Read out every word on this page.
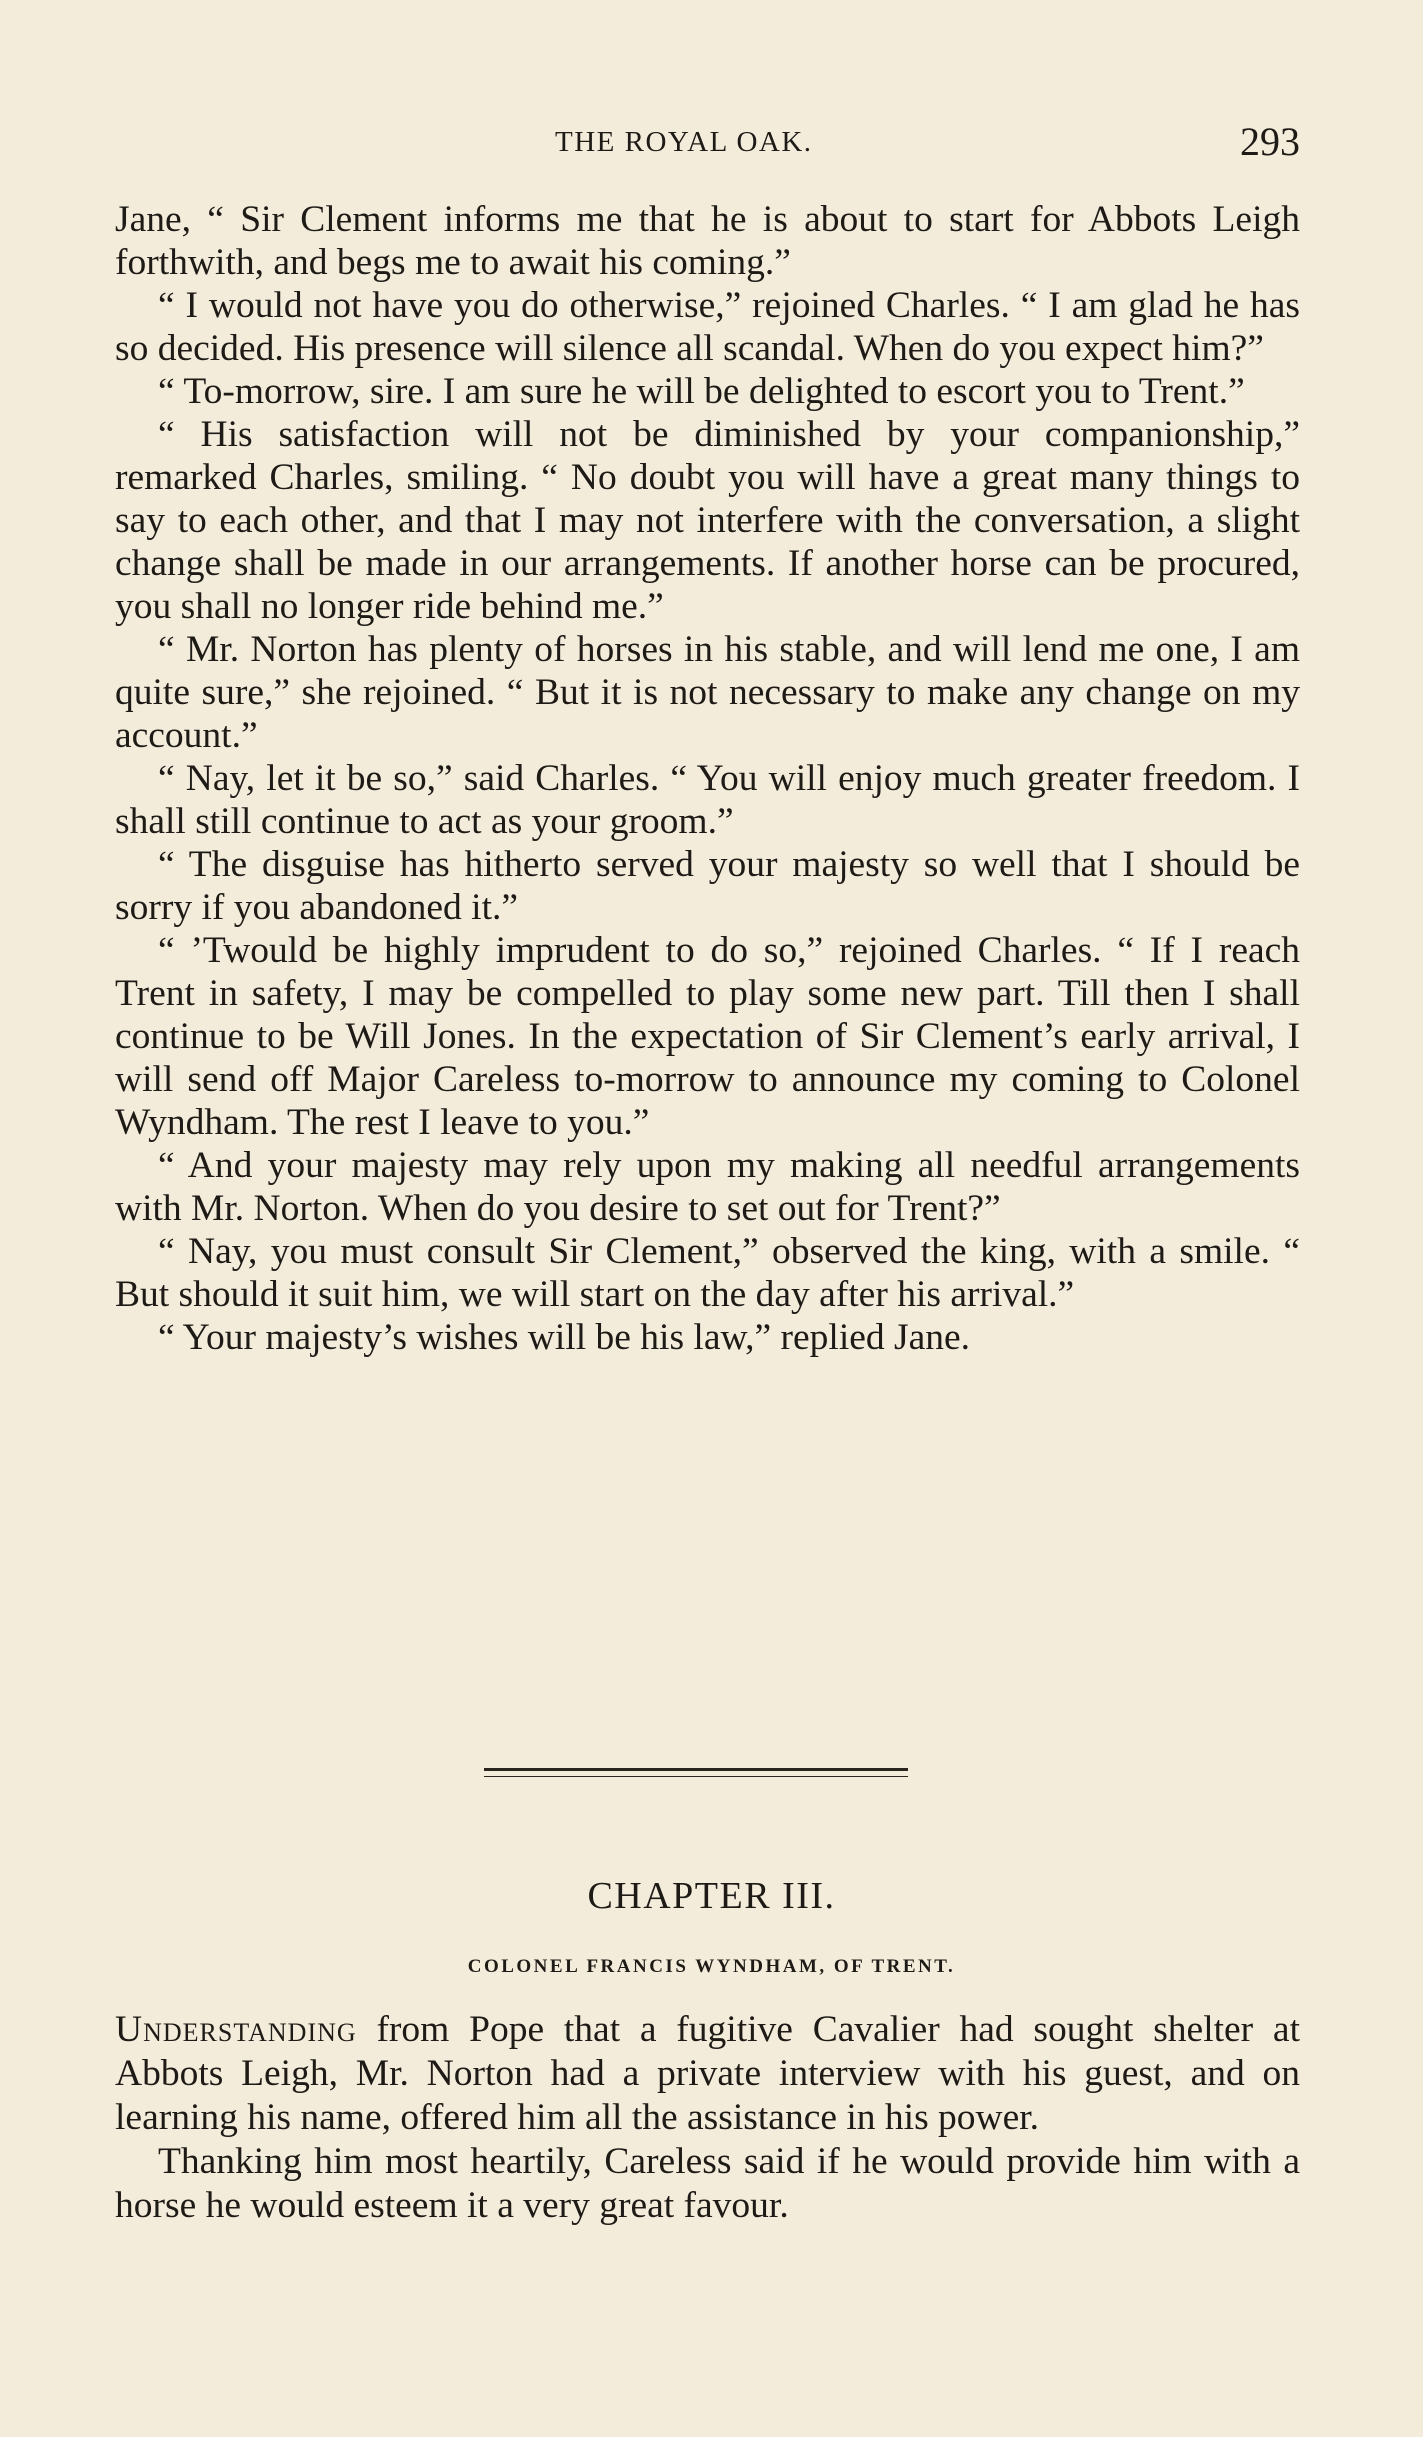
THE ROYAL OAK.	293

Jane, “ Sir Clement informs me that he is about to start for Abbots Leigh forthwith, and begs me to await his coming.”

“ I would not have you do otherwise,” rejoined Charles. “ I am glad he has so decided. His presence will silence all scandal. When do you expect him?”

“ To-morrow, sire. I am sure he will be delighted to escort you to Trent.”

“ His satisfaction will not be diminished by your companionship,” remarked Charles, smiling. “ No doubt you will have a great many things to say to each other, and that I may not interfere with the conversation, a slight change shall be made in our arrangements. If another horse can be procured, you shall no longer ride behind me.”

“ Mr. Norton has plenty of horses in his stable, and will lend me one, I am quite sure,” she rejoined. “ But it is not necessary to make any change on my account.”

“ Nay, let it be so,” said Charles. “ You will enjoy much greater freedom. I shall still continue to act as your groom.”

“ The disguise has hitherto served your majesty so well that I should be sorry if you abandoned it.”

“ ’Twould be highly imprudent to do so,” rejoined Charles. “ If I reach Trent in safety, I may be compelled to play some new part. Till then I shall continue to be Will Jones. In the expectation of Sir Clement’s early arrival, I will send off Major Careless to-morrow to announce my coming to Colonel Wyndham. The rest I leave to you.”

“ And your majesty may rely upon my making all needful arrangements with Mr. Norton. When do you desire to set out for Trent?”

“ Nay, you must consult Sir Clement,” observed the king, with a smile. “ But should it suit him, we will start on the day after his arrival.”

“ Your majesty’s wishes will be his law,” replied Jane.

CHAPTER III.
COLONEL FRANCIS WYNDHAM, OF TRENT.

Understanding from Pope that a fugitive Cavalier had sought shelter at Abbots Leigh, Mr. Norton had a private interview with his guest, and on learning his name, offered him all the assistance in his power.

Thanking him most heartily, Careless said if he would provide him with a horse he would esteem it a very great favour.
